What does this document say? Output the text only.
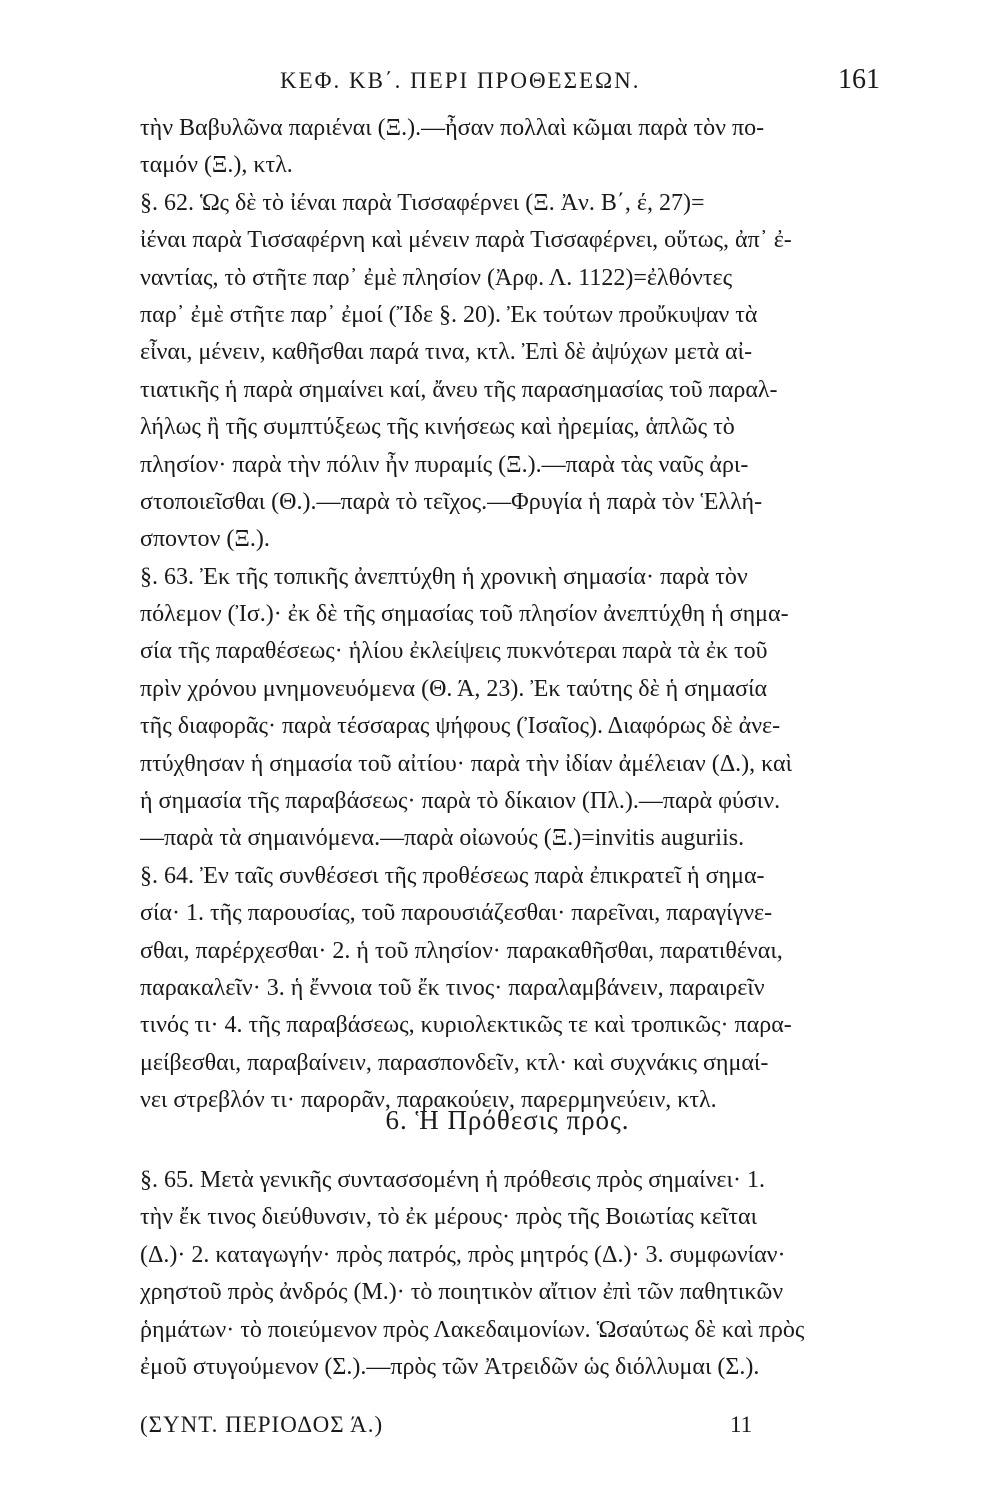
ΚΕΦ. ΚΒ΄. ΠΕΡΙ ΠΡΟΘΕΣΕΩΝ.	161
τὴν Βαβυλῶνα παριέναι (Ξ.).—ἦσαν πολλαὶ κῶμαι παρὰ τὸν πο-
ταμόν (Ξ.), κτλ.
§. 62. Ὡς δὲ τὸ ἰέναι παρὰ Τισσαφέρνει (Ξ. Ἀν. Β΄, έ, 27)=
ἰέναι παρὰ Τισσαφέρνη καὶ μένειν παρὰ Τισσαφέρνει, οὕτως, ἀπ᾽ ἐ-
ναντίας, τὸ στῆτε παρ᾽ ἐμὲ πλησίον (Ἀρφ. Λ. 1122)=ἐλθόντες
παρ᾽ ἐμὲ στῆτε παρ᾽ ἐμοί (Ἴδε §. 20). Ἐκ τούτων προὔκυψαν τὰ
εἶναι, μένειν, καθῆσθαι παρά τινα, κτλ. Ἐπὶ δὲ ἀψύχων μετὰ αἰ-
τιατικῆς ἡ παρὰ σημαίνει καί, ἄνευ τῆς παρασημασίας τοῦ παραλ-
λήλως ἢ τῆς συμπτύξεως τῆς κινήσεως καὶ ἠρεμίας, ἁπλῶς τὸ
πλησίον· παρὰ τὴν πόλιν ἦν πυραμίς (Ξ.).—παρὰ τὰς ναῦς ἀρι-
στοποιεῖσθαι (Θ.).—παρὰ τὸ τεῖχος.—Φρυγία ἡ παρὰ τὸν Ἑλλή-
σποντον (Ξ.).
§. 63. Ἐκ τῆς τοπικῆς ἀνεπτύχθη ἡ χρονικὴ σημασία· παρὰ τὸν
πόλεμον (Ἰσ.)· ἐκ δὲ τῆς σημασίας τοῦ πλησίον ἀνεπτύχθη ἡ σημα-
σία τῆς παραθέσεως· ἡλίου ἐκλείψεις πυκνότεραι παρὰ τὰ ἐκ τοῦ
πρὶν χρόνου μνημονευόμενα (Θ. Ά, 23). Ἐκ ταύτης δὲ ἡ σημασία
τῆς διαφορᾶς· παρὰ τέσσαρας ψήφους (Ἰσαῖος). Διαφόρως δὲ ἀνε-
πτύχθησαν ἡ σημασία τοῦ αἰτίου· παρὰ τὴν ἰδίαν ἀμέλειαν (Δ.), καὶ
ἡ σημασία τῆς παραβάσεως· παρὰ τὸ δίκαιον (Πλ.).—παρὰ φύσιν.
—παρὰ τὰ σημαινόμενα.—παρὰ οἰωνούς (Ξ.)=invitis auguriis.
§. 64. Ἐν ταῖς συνθέσεσι τῆς προθέσεως παρὰ ἐπικρατεῖ ἡ σημα-
σία· 1. τῆς παρουσίας, τοῦ παρουσιάζεσθαι· παρεῖναι, παραγίγνε-
σθαι, παρέρχεσθαι· 2. ἡ τοῦ πλησίον· παρακαθῆσθαι, παρατιθέναι,
παρακαλεῖν· 3. ἡ ἔννοια τοῦ ἔκ τινος· παραλαμβάνειν, παραιρεῖν
τινός τι· 4. τῆς παραβάσεως, κυριολεκτικῶς τε καὶ τροπικῶς· παρα-
μείβεσθαι, παραβαίνειν, παρασπονδεῖν, κτλ· καὶ συχνάκις σημαί-
νει στρεβλόν τι· παρορᾶν, παρακούειν, παρερμηνεύειν, κτλ.
6. Ἡ Πρόθεσις πρός.
§. 65. Μετὰ γενικῆς συντασσομένη ἡ πρόθεσις πρὸς σημαίνει· 1.
τὴν ἔκ τινος διεύθυνσιν, τὸ ἐκ μέρους· πρὸς τῆς Βοιωτίας κεῖται
(Δ.)· 2. καταγωγήν· πρὸς πατρός, πρὸς μητρός (Δ.)· 3. συμφωνίαν·
χρηστοῦ πρὸς ἀνδρός (Μ.)· τὸ ποιητικὸν αἴτιον ἐπὶ τῶν παθητικῶν
ῥημάτων· τὸ ποιεύμενον πρὸς Λακεδαιμονίων. Ὡσαύτως δὲ καὶ πρὸς
ἐμοῦ στυγούμενον (Σ.).—πρὸς τῶν Ἀτρειδῶν ὡς διόλλυμαι (Σ.).
(ΣΥΝΤ. ΠΕΡΙΟΔΟΣ Ά.)	11
